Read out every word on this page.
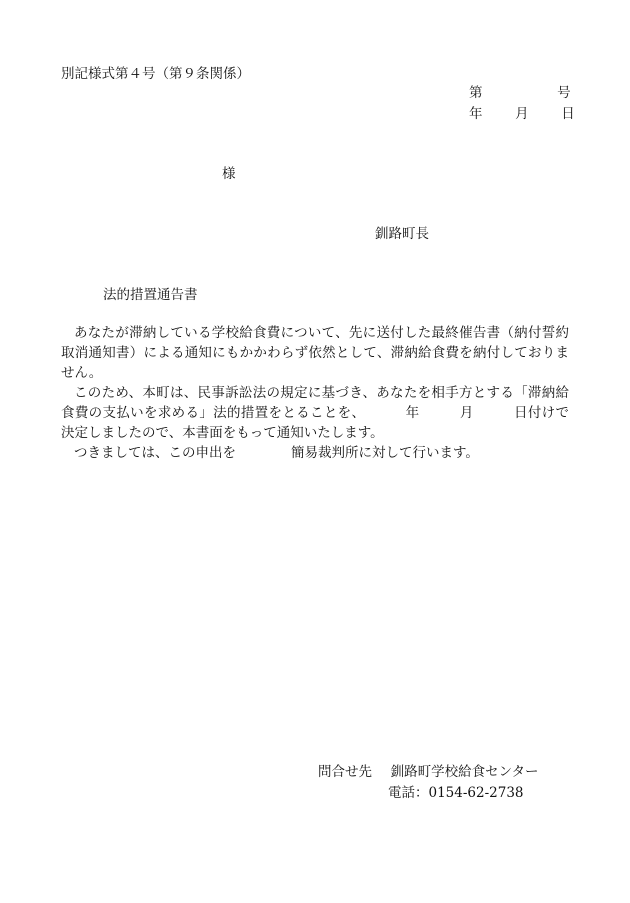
別記様式第４号（第９条関係）
第	号
年 月 日
様
釧路町長
法的措置通告書

あなたが滞納している学校給食費について、先に送付した最終催告書（納付誓約取消通知書）による通知にもかかわらず依然として、滞納給食費を納付しておりません。

このため、本町は、民事訴訟法の規定に基づき、あなたを相手方とする「滞納給食費の支払いを求める」法的措置をとることを、	年	月	日付けで決定しましたので、本書面をもって通知いたします。

つきましては、この申出を	簡易裁判所に対して行います。

問合せ先 釧路町学校給食センター
電話：0154-62-2738
